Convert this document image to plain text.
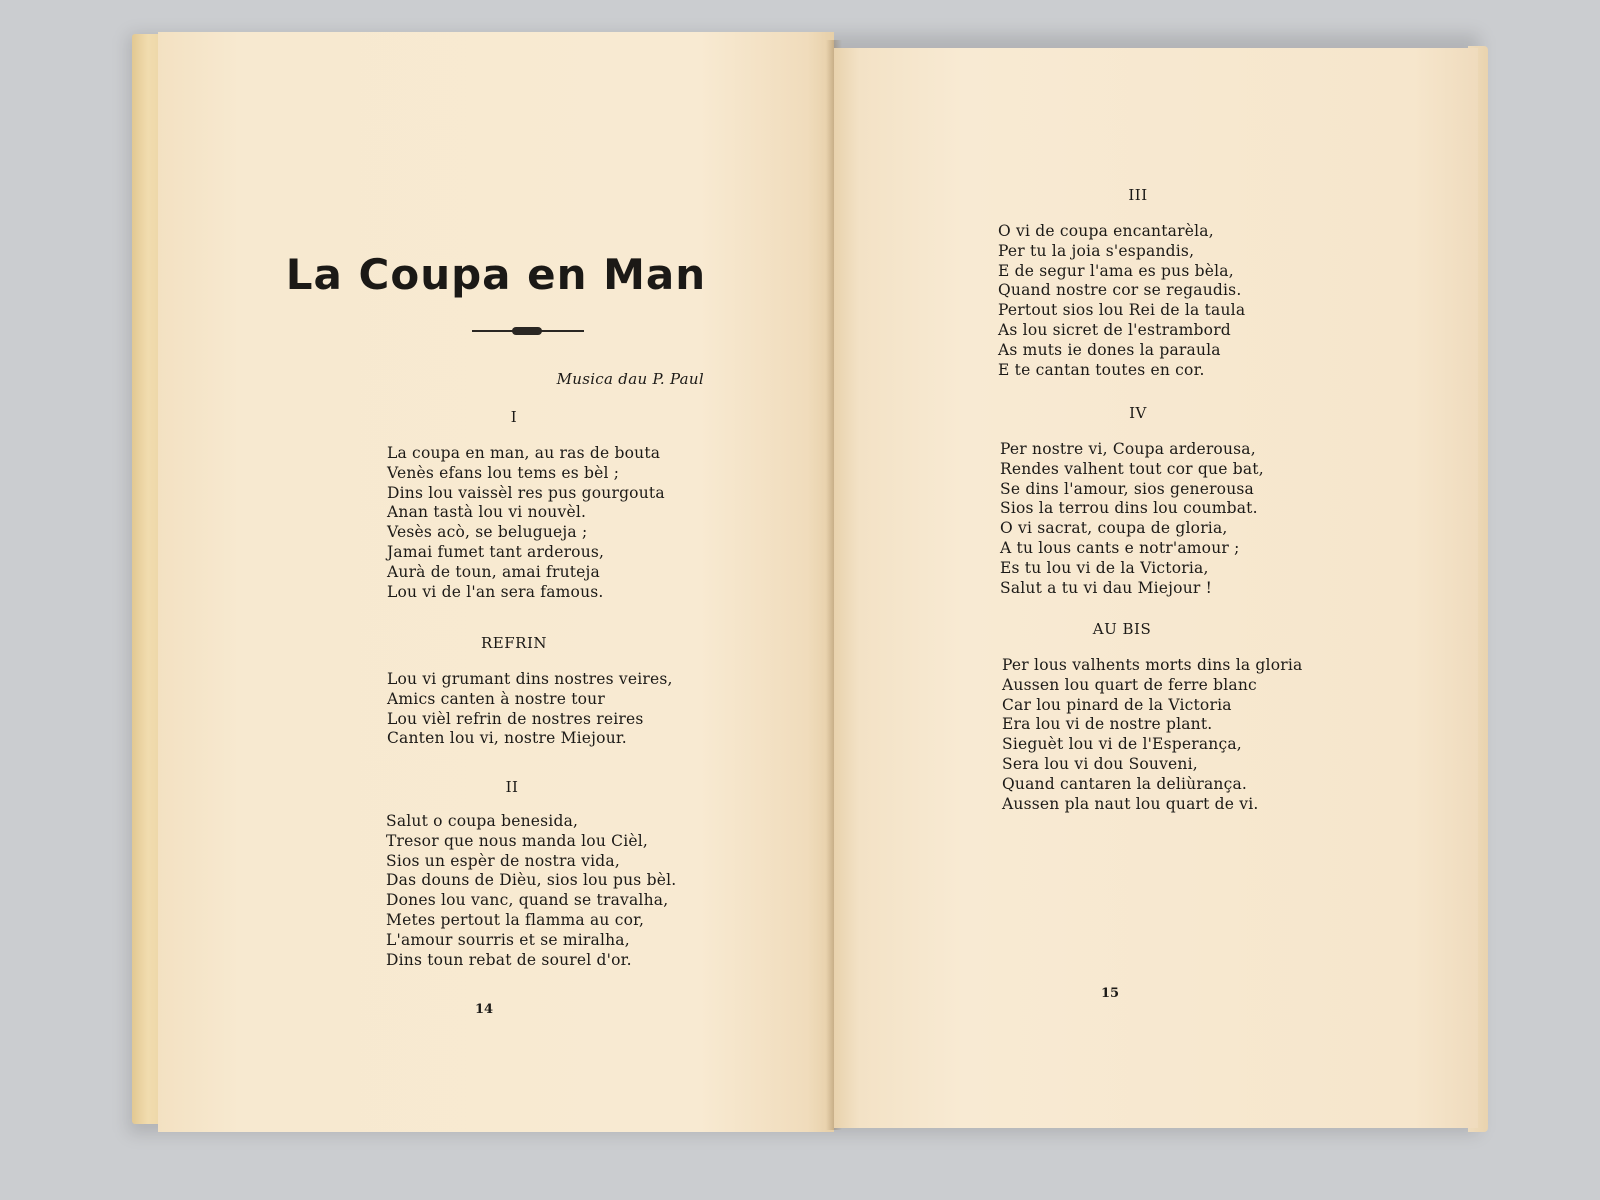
La Coupa en Man
Musica dau P. Paul
I
La coupa en man, au ras de bouta
Venès efans lou tems es bèl ;
Dins lou vaissèl res pus gourgouta
Anan tastà lou vi nouvèl.
Vesès acò, se belugueja ;
Jamai fumet tant arderous,
Aurà de toun, amai fruteja
Lou vi de l'an sera famous.
REFRIN
Lou vi grumant dins nostres veires,
Amics canten à nostre tour
Lou vièl refrin de nostres reires
Canten lou vi, nostre Miejour.
II
Salut o coupa benesida,
Tresor que nous manda lou Cièl,
Sios un espèr de nostra vida,
Das douns de Dièu, sios lou pus bèl.
Dones lou vanc, quand se travalha,
Metes pertout la flamma au cor,
L'amour sourris et se miralha,
Dins toun rebat de sourel d'or.
14
III
O vi de coupa encantarèla,
Per tu la joia s'espandis,
E de segur l'ama es pus bèla,
Quand nostre cor se regaudis.
Pertout sios lou Rei de la taula
As lou sicret de l'estrambord
As muts ie dones la paraula
E te cantan toutes en cor.
IV
Per nostre vi, Coupa arderousa,
Rendes valhent tout cor que bat,
Se dins l'amour, sios generousa
Sios la terrou dins lou coumbat.
O vi sacrat, coupa de gloria,
A tu lous cants e notr'amour ;
Es tu lou vi de la Victoria,
Salut a tu vi dau Miejour !
AU BIS
Per lous valhents morts dins la gloria
Aussen lou quart de ferre blanc
Car lou pinard de la Victoria
Era lou vi de nostre plant.
Sieguèt lou vi de l'Esperança,
Sera lou vi dou Souveni,
Quand cantaren la deliùrança.
Aussen pla naut lou quart de vi.
15
